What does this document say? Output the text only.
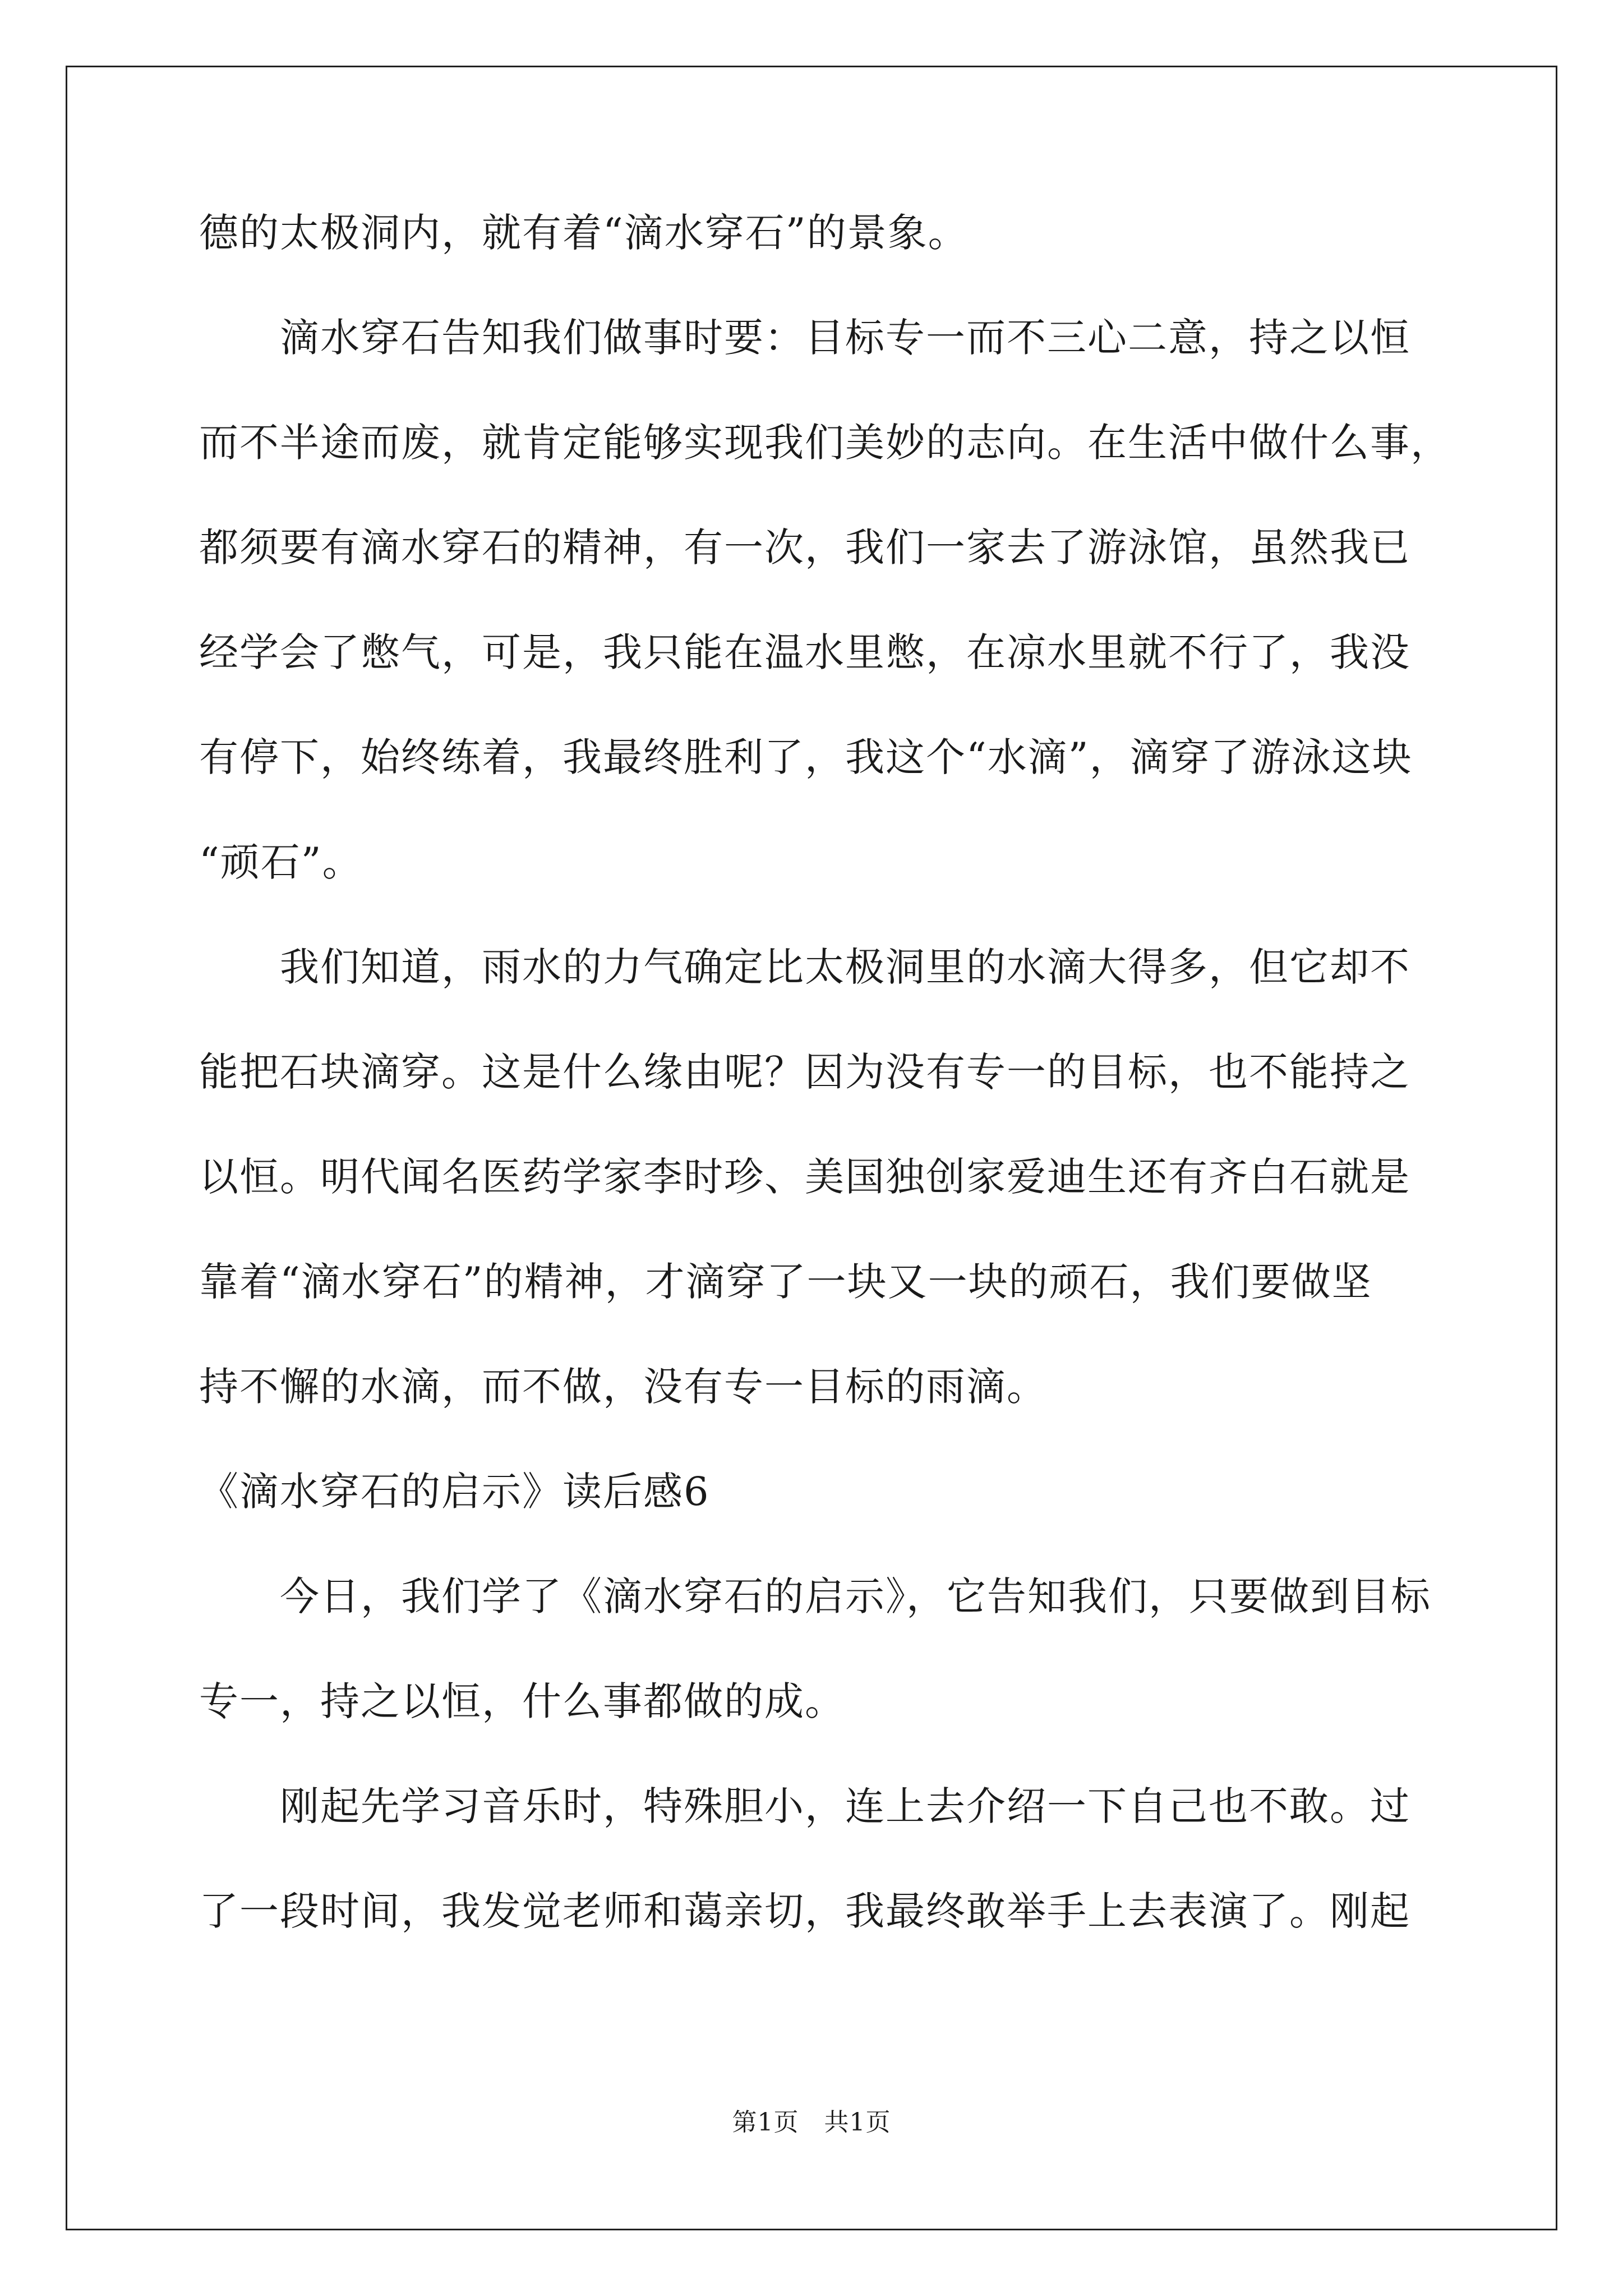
德的太极洞内，就有着“滴水穿石”的景象。
　　滴水穿石告知我们做事时要：目标专一而不三心二意，持之以恒
而不半途而废，就肯定能够实现我们美妙的志向。在生活中做什么事，
都须要有滴水穿石的精神，有一次，我们一家去了游泳馆，虽然我已
经学会了憋气，可是，我只能在温水里憋，在凉水里就不行了，我没
有停下，始终练着，我最终胜利了，我这个“水滴”，滴穿了游泳这块
“顽石”。
　　我们知道，雨水的力气确定比太极洞里的水滴大得多，但它却不
能把石块滴穿。这是什么缘由呢？因为没有专一的目标，也不能持之
以恒。明代闻名医药学家李时珍、美国独创家爱迪生还有齐白石就是
靠着“滴水穿石”的精神，才滴穿了一块又一块的顽石，我们要做坚
持不懈的水滴，而不做，没有专一目标的雨滴。
《滴水穿石的启示》读后感6
　　今日，我们学了《滴水穿石的启示》，它告知我们，只要做到目标
专一，持之以恒，什么事都做的成。
　　刚起先学习音乐时，特殊胆小，连上去介绍一下自己也不敢。过
了一段时间，我发觉老师和蔼亲切，我最终敢举手上去表演了。刚起
第1页　共1页
